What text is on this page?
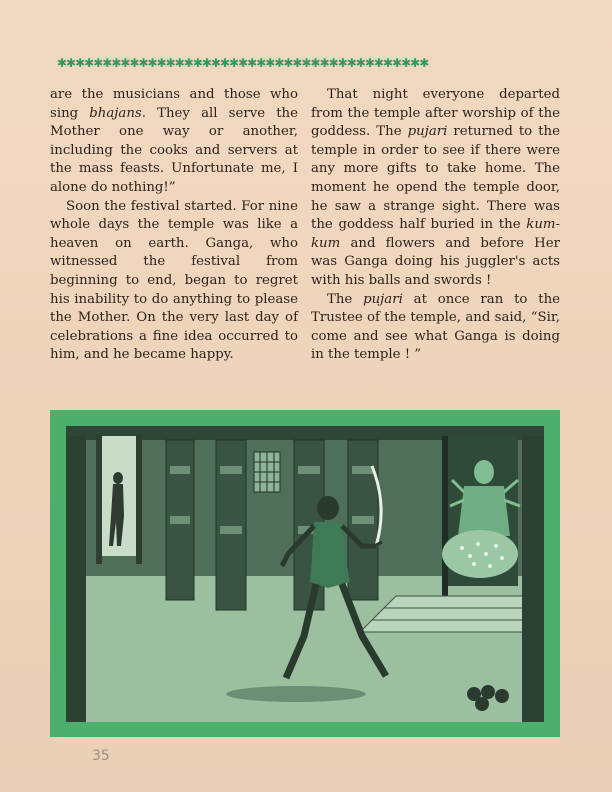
✱✱✱✱✱✱✱✱✱✱✱✱✱✱✱✱✱✱✱✱✱✱✱✱✱✱✱✱✱✱✱✱✱✱✱✱✱✱✱✱✱

are the musicians and those who sing bhajans. They all serve the Mother one way or another, including the cooks and servers at the mass feasts. Unfortunate me, I alone do nothing!”

Soon the festival started. For nine whole days the temple was like a heaven on earth. Ganga, who witnessed the festival from beginning to end, began to regret his inability to do anything to please the Mother. On the very last day of celebrations a fine idea occurred to him, and he became happy.

That night everyone departed from the temple after worship of the goddess. The pujari returned to the temple in order to see if there were any more gifts to take home. The moment he opend the temple door, he saw a strange sight. There was the goddess half buried in the kum-kum and flowers and before Her was Ganga doing his juggler's acts with his balls and swords !

The pujari at once ran to the Trustee of the temple, and said, “Sir, come and see what Ganga is doing in the temple ! ”

35
